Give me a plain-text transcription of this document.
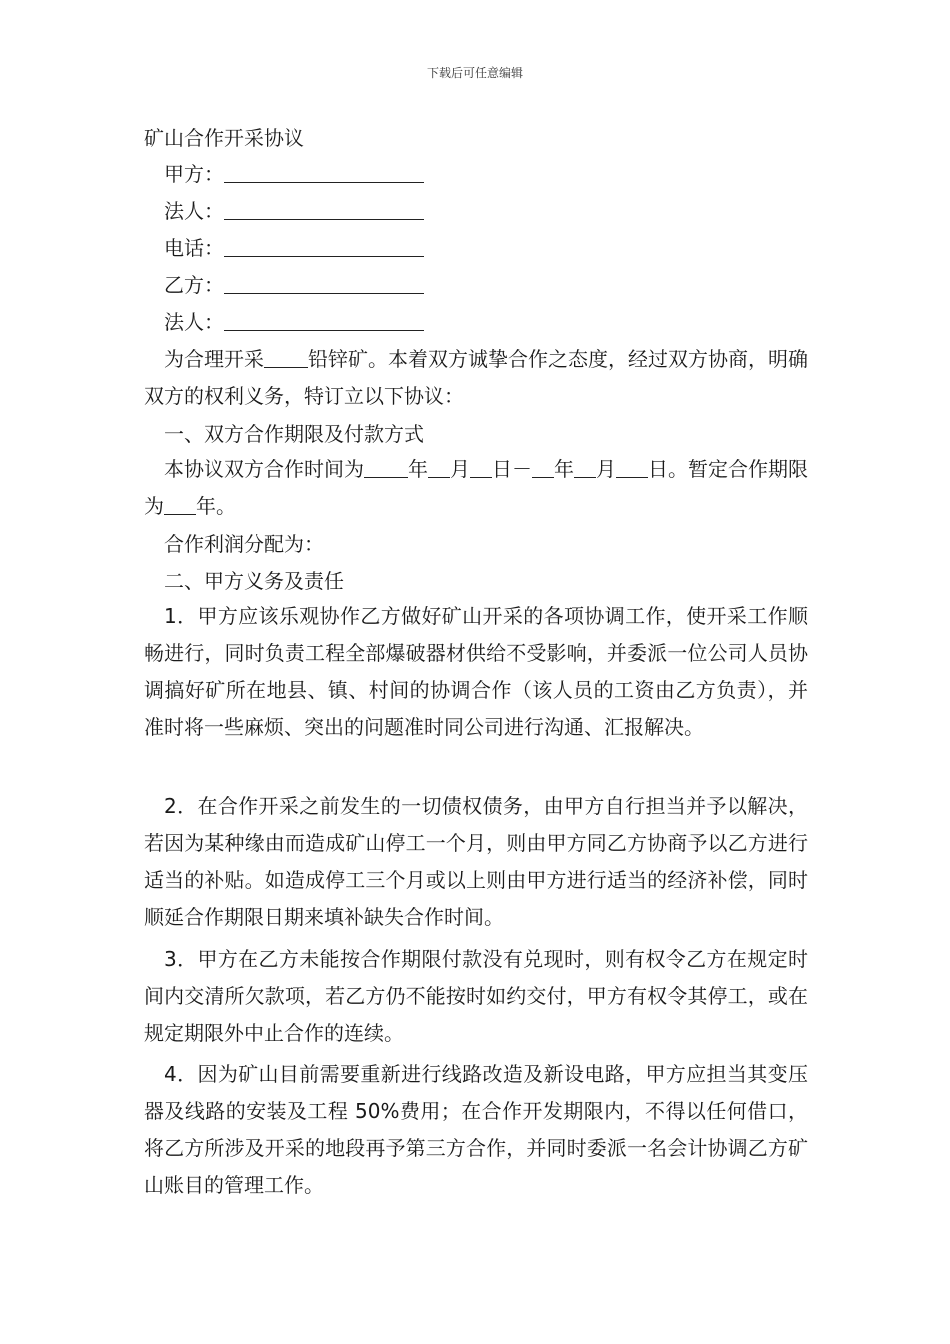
下载后可任意编辑
矿山合作开采协议
甲方：
法人：
电话：
乙方：
法人：
为合理开采 铅锌矿。本着双方诚挚合作之态度，经过双方协商，明确双方的权利义务，特订立以下协议：
一、双方合作期限及付款方式
本协议双方合作时间为 年 月 日－ 年 月 日。暂定合作期限为 年。
合作利润分配为：
二、甲方义务及责任
1．甲方应该乐观协作乙方做好矿山开采的各项协调工作，使开采工作顺畅进行，同时负责工程全部爆破器材供给不受影响，并委派一位公司人员协调搞好矿所在地县、镇、村间的协调合作（该人员的工资由乙方负责），并准时将一些麻烦、突出的问题准时同公司进行沟通、汇报解决。
2．在合作开采之前发生的一切债权债务，由甲方自行担当并予以解决，若因为某种缘由而造成矿山停工一个月，则由甲方同乙方协商予以乙方进行适当的补贴。如造成停工三个月或以上则由甲方进行适当的经济补偿，同时顺延合作期限日期来填补缺失合作时间。
3．甲方在乙方未能按合作期限付款没有兑现时，则有权令乙方在规定时间内交清所欠款项，若乙方仍不能按时如约交付，甲方有权令其停工，或在规定期限外中止合作的连续。
4．因为矿山目前需要重新进行线路改造及新设电路，甲方应担当其变压器及线路的安装及工程 50%费用；在合作开发期限内，不得以任何借口，将乙方所涉及开采的地段再予第三方合作，并同时委派一名会计协调乙方矿山账目的管理工作。
